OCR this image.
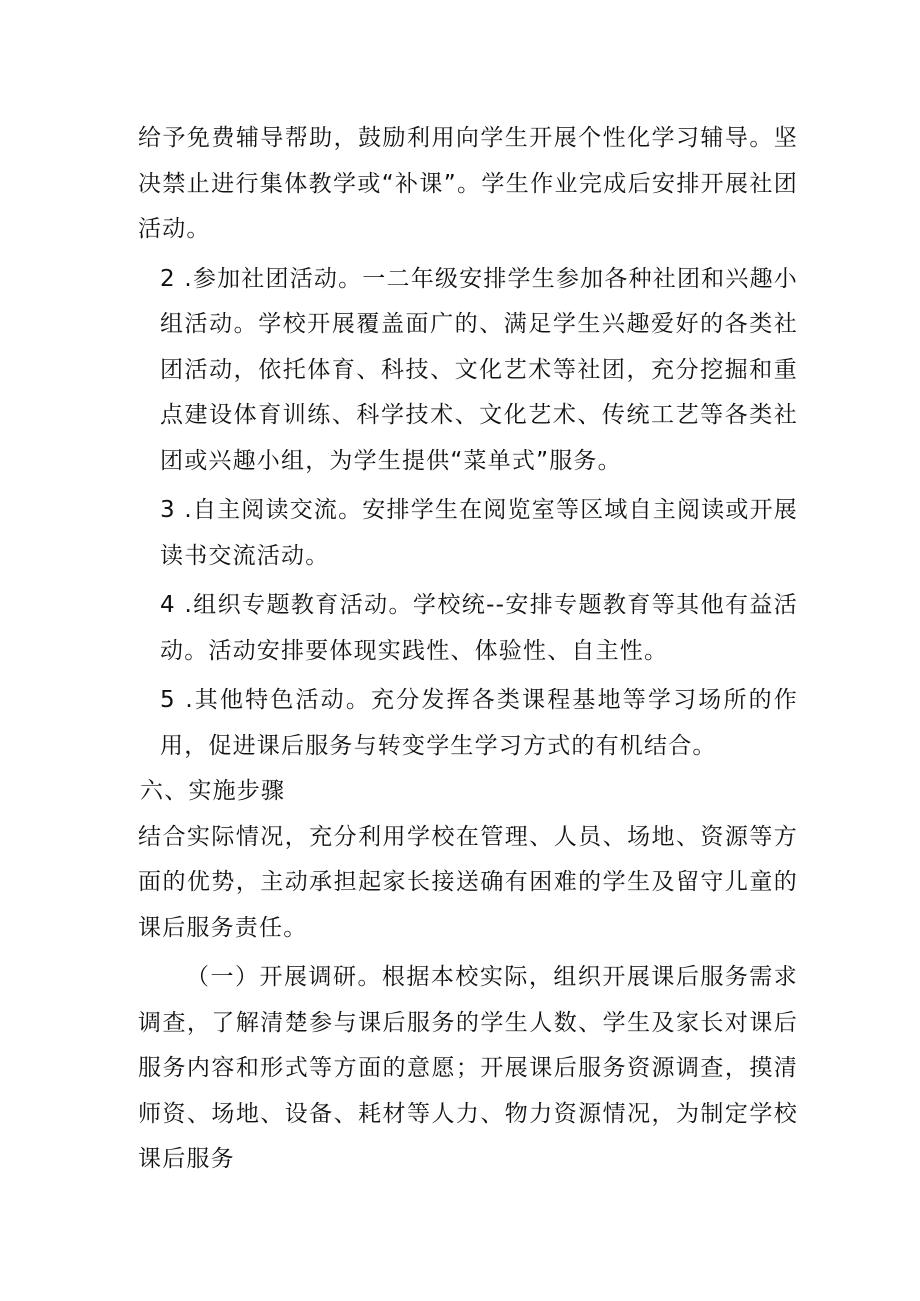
给予免费辅导帮助，鼓励利用向学生开展个性化学习辅导。坚决禁止进行集体教学或“补课”。学生作业完成后安排开展社团活动。

2 .参加社团活动。一二年级安排学生参加各种社团和兴趣小组活动。学校开展覆盖面广的、满足学生兴趣爱好的各类社团活动，依托体育、科技、文化艺术等社团，充分挖掘和重点建设体育训练、科学技术、文化艺术、传统工艺等各类社团或兴趣小组，为学生提供“菜单式”服务。

3 .自主阅读交流。安排学生在阅览室等区域自主阅读或开展读书交流活动。

4 .组织专题教育活动。学校统--安排专题教育等其他有益活动。活动安排要体现实践性、体验性、自主性。

5 .其他特色活动。充分发挥各类课程基地等学习场所的作用，促进课后服务与转变学生学习方式的有机结合。

六、实施步骤

结合实际情况，充分利用学校在管理、人员、场地、资源等方面的优势，主动承担起家长接送确有困难的学生及留守儿童的课后服务责任。

（一）开展调研。根据本校实际，组织开展课后服务需求调查，了解清楚参与课后服务的学生人数、学生及家长对课后服务内容和形式等方面的意愿；开展课后服务资源调查，摸清师资、场地、设备、耗材等人力、物力资源情况，为制定学校课后服务
